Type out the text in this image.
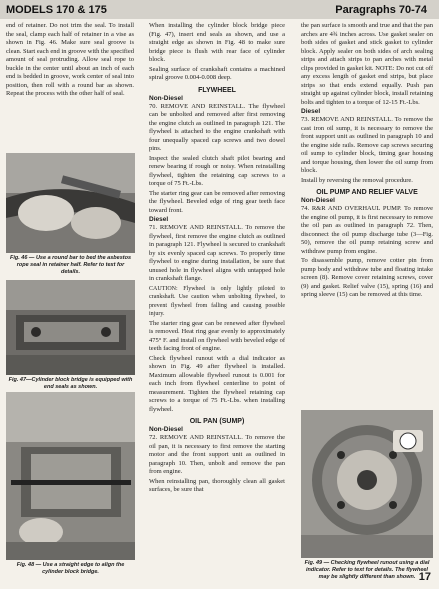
MODELS 170 & 175	Paragraphs 70-74

end of retainer. Do not trim the seal. To install the seal, clamp each half of retainer in a vise as shown in Fig. 46. Make sure seal groove is clean. Start each end in groove with the specified amount of seal protruding. Allow seal rope to buckle in the center until about an inch of each end is bedded in groove, work center of seal into position, then roll with a round bar as shown. Repeat the process with the other half of seal.

Fig. 46 — Use a round bar to bed the asbestos rope seal in retainer half. Refer to text for details.
Fig. 47—Cylinder block bridge is equipped with end seals as shown.
Fig. 48 — Use a straight edge to align the cylinder block bridge.

When installing the cylinder block bridge piece (Fig. 47), insert end seals as shown, and use a straight edge as shown in Fig. 48 to make sure bridge piece is flush with rear face of cylinder block.

Sealing surface of crankshaft contains a machined spiral groove 0.004-0.008 deep.

FLYWHEEL
Non-Diesel

70. REMOVE AND REINSTALL. The flywheel can be unbolted and removed after first removing the engine clutch as outlined in paragraph 121. The flywheel is attached to the engine crankshaft with four unequally spaced cap screws and two dowel pins.

Inspect the sealed clutch shaft pilot bearing and renew bearing if rough or noisy. When reinstalling flywheel, tighten the retaining cap screws to a torque of 75 Ft.-Lbs.

The starter ring gear can be removed after removing the flywheel. Beveled edge of ring gear teeth face toward front.

Diesel

71. REMOVE AND REINSTALL. To remove the flywheel, first remove the engine clutch as outlined in paragraph 121. Flywheel is secured to crankshaft by six evenly spaced cap screws. To properly time flywheel to engine during installation, be sure that unused hole in flywheel aligns with untapped hole in crankshaft flange.

CAUTION: Flywheel is only lightly piloted to crankshaft. Use caution when unbolting flywheel, to prevent flywheel from falling and causing possible injury.

The starter ring gear can be renewed after flywheel is removed. Heat ring gear evenly to approximately 475° F. and install on flywheel with beveled edge of teeth facing front of engine.

Check flywheel runout with a dial indicator as shown in Fig. 49 after flywheel is installed. Maximum allowable flywheel runout is 0.001 for each inch from flywheel centerline to point of measurement. Tighten the flywheel retaining cap screws to a torque of 75 Ft.-Lbs. when installing flywheel.

OIL PAN (SUMP)
Non-Diesel

72. REMOVE AND REINSTALL. To remove the oil pan, it is necessary to first remove the starting motor and the front support unit as outlined in paragraph 10. Then, unbolt and remove the pan from engine.

When reinstalling pan, thoroughly clean all gasket surfaces, be sure that

the pan surface is smooth and true and that the pan arches are 4¾ inches across. Use gasket sealer on both sides of gasket and stick gasket to cylinder block. Apply sealer on both sides of arch sealing strips and attach strips to pan arches with metal clips provided in gasket kit. NOTE: Do not cut off any excess length of gasket end strips, but place strips so that ends extend equally. Push pan straight up against cylinder block, install retaining bolts and tighten to a torque of 12-15 Ft.-Lbs.

Diesel

73. REMOVE AND REINSTALL. To remove the cast iron oil sump, it is necessary to remove the front support unit as outlined in paragraph 10 and the engine side rails. Remove cap screws securing oil sump to cylinder block, timing gear housing and torque housing, then lower the oil sump from block.

Install by reversing the removal procedure.

OIL PUMP AND RELIEF VALVE
Non-Diesel

74. R&R AND OVERHAUL PUMP. To remove the engine oil pump, it is first necessary to remove the oil pan as outlined in paragraph 72. Then, disconnect the oil pump discharge tube (3—Fig. 50), remove the oil pump retaining screw and withdraw pump from engine.

To disassemble pump, remove cotter pin from pump body and withdraw tube and floating intake screen (8). Remove cover retaining screws, cover (9) and gasket. Relief valve (15), spring (16) and spring sleeve (15) can be removed at this time.

Fig. 49 — Checking flywheel runout using a dial indicator. Refer to text for details. The flywheel may be slightly different than shown. 17
